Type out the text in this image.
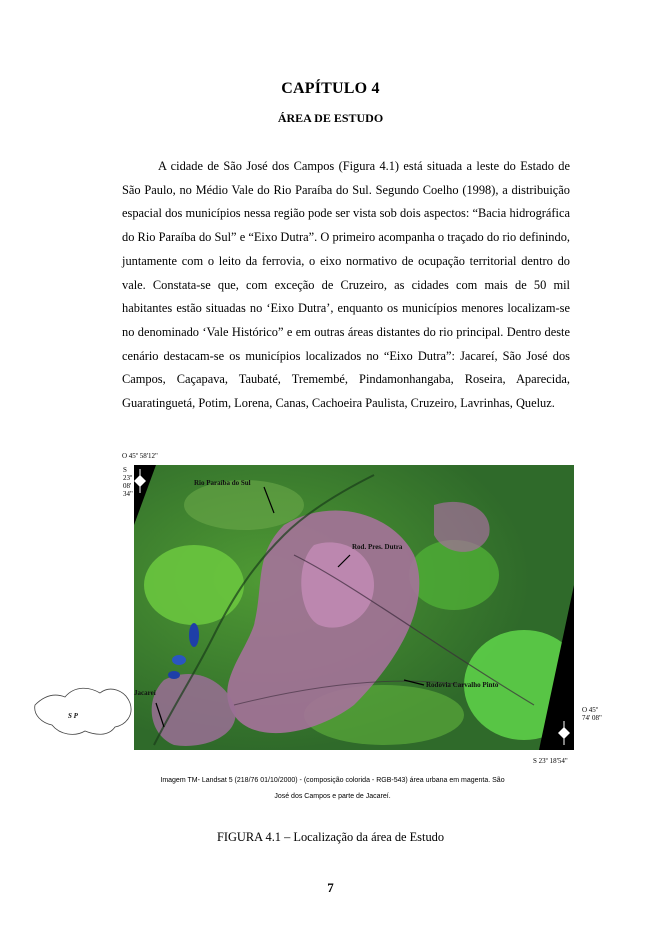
CAPÍTULO 4
ÁREA DE ESTUDO

A cidade de São José dos Campos (Figura 4.1) está situada a leste do Estado de São Paulo, no Médio Vale do Rio Paraíba do Sul. Segundo Coelho (1998), a distribuição espacial dos municípios nessa região pode ser vista sob dois aspectos: “Bacia hidrográfica do Rio Paraíba do Sul” e “Eixo Dutra”. O primeiro acompanha o traçado do rio definindo, juntamente com o leito da ferrovia, o eixo normativo de ocupação territorial dentro do vale. Constata-se que, com exceção de Cruzeiro, as cidades com mais de 50 mil habitantes estão situadas no ‘Eixo Dutra’, enquanto os municípios menores localizam-se no denominado ‘Vale Histórico” e em outras áreas distantes do rio principal. Dentro deste cenário destacam-se os municípios localizados no “Eixo Dutra”: Jacareí, São José dos Campos, Caçapava, Taubaté, Tremembé, Pindamonhangaba, Roseira, Aparecida, Guaratinguetá, Potim, Lorena, Canas, Cachoeira Paulista, Cruzeiro, Lavrinhas, Queluz.

O 45º 58'12"
S 23º 08' 34"
O 45º 74' 08"
S 23º 18'54"
Rio Paraíba do Sul
Rod. Pres. Dutra
Rodovia Carvalho Pinto
Jacareí
S P
Imagem TM- Landsat 5 (218/76 01/10/2000) - (composição colorida - RGB-543) área urbana em magenta. São
José dos Campos e parte de Jacareí.
FIGURA 4.1 – Localização da área de Estudo
7
